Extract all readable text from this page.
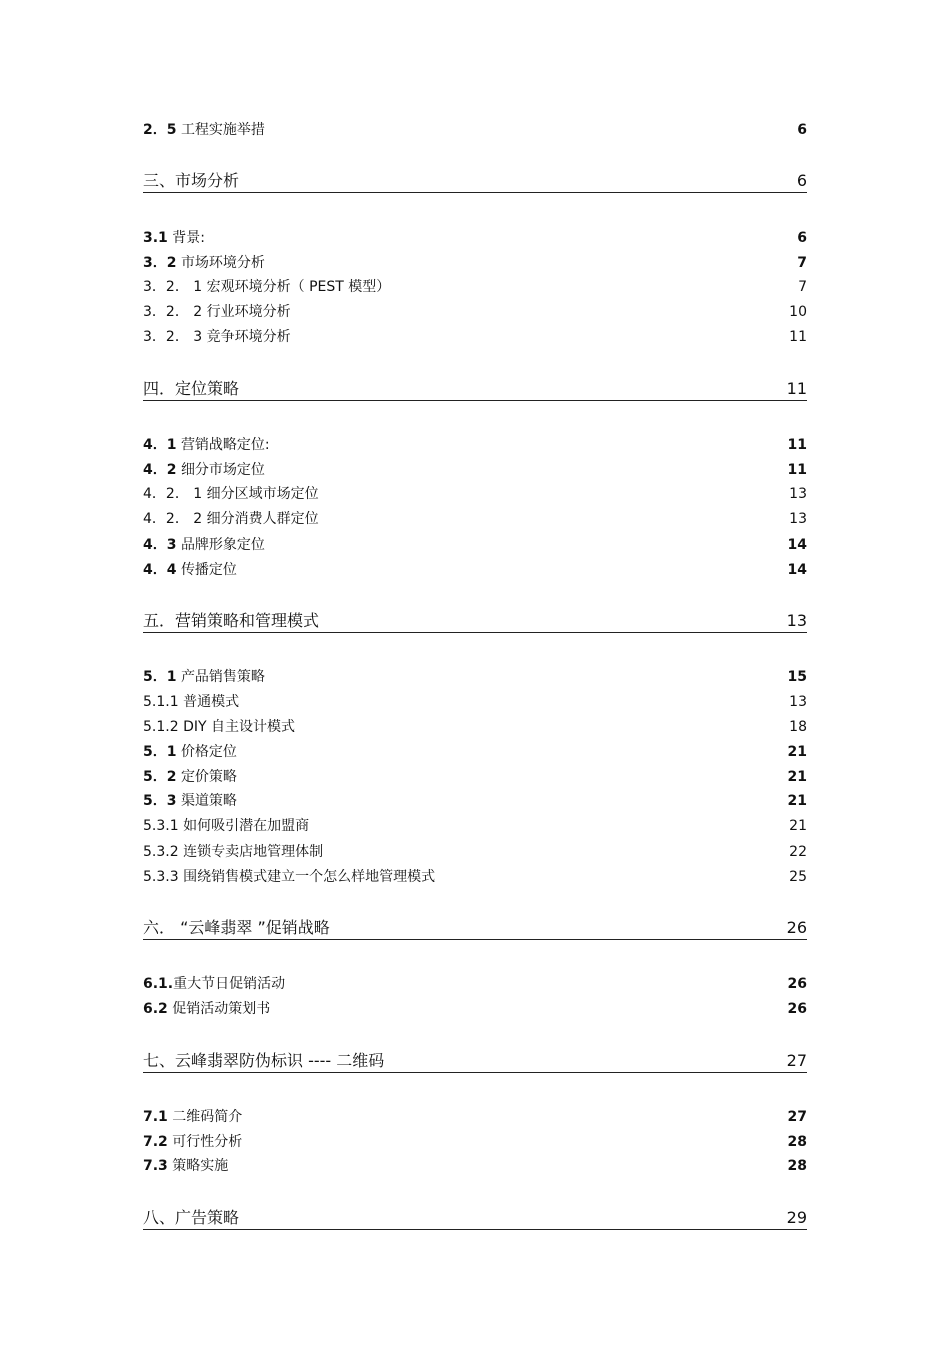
2．5 工程实施举措	6
三、市场分析	6
3.1 背景:	6
3．2 市场环境分析	7
3．2． 1 宏观环境分析（ PEST 模型）	7
3．2． 2 行业环境分析	10
3．2． 3 竞争环境分析	11
四．定位策略	11
4．1 营销战略定位:	11
4．2 细分市场定位	11
4．2． 1 细分区域市场定位	13
4．2． 2 细分消费人群定位	13
4．3 品牌形象定位	14
4．4 传播定位	14
五．营销策略和管理模式	13
5．1 产品销售策略	15
5.1.1 普通模式	13
5.1.2 DIY 自主设计模式	18
5．1 价格定位	21
5．2 定价策略	21
5．3 渠道策略	21
5.3.1 如何吸引潜在加盟商	21
5.3.2 连锁专卖店地管理体制	22
5.3.3 围绕销售模式建立一个怎么样地管理模式	25
六． “云峰翡翠 ”促销战略	26
6.1.重大节日促销活动	26
6.2 促销活动策划书	26
七、云峰翡翠防伪标识 ---- 二维码	27
7.1 二维码简介	27
7.2 可行性分析	28
7.3 策略实施	28
八、广告策略	29
